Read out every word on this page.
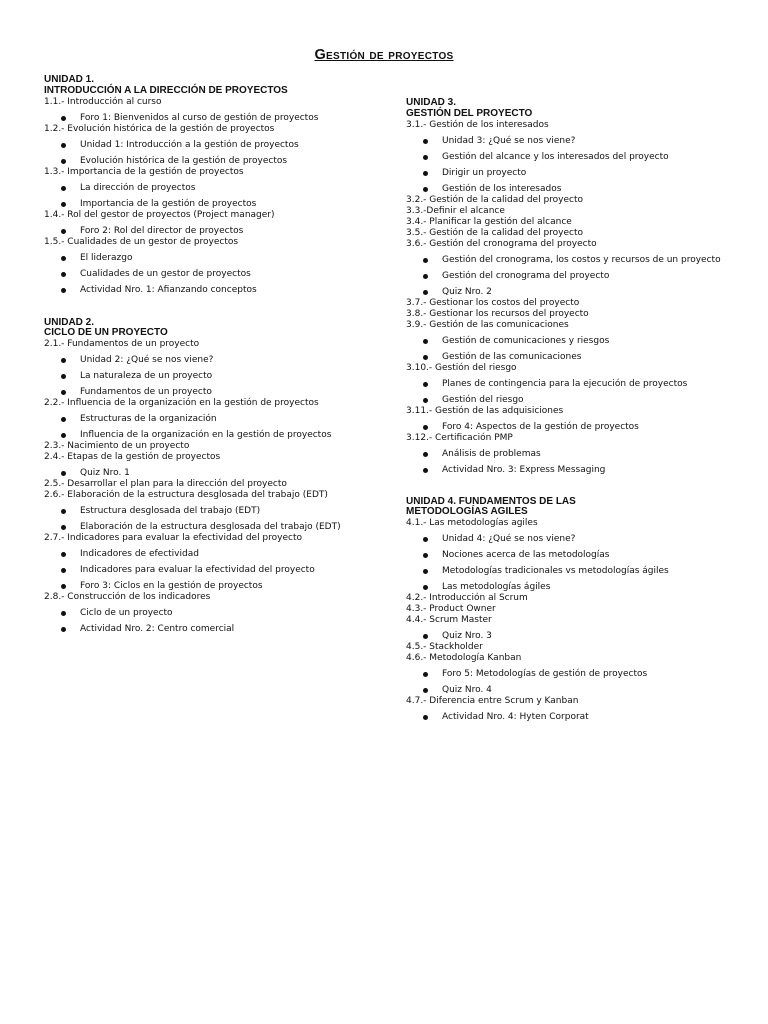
Gestión de proyectos
UNIDAD 1.
INTRODUCCIÓN A LA DIRECCIÓN DE PROYECTOS
1.1.- Introducción al curso
Foro 1: Bienvenidos al curso de gestión de proyectos
1.2.- Evolución histórica de la gestión de proyectos
Unidad 1: Introducción a la gestión de proyectos
Evolución histórica de la gestión de proyectos
1.3.- Importancia de la gestión de proyectos
La dirección de proyectos
Importancia de la gestión de proyectos
1.4.- Rol del gestor de proyectos (Project manager)
Foro 2: Rol del director de proyectos
1.5.- Cualidades de un gestor de proyectos
El liderazgo
Cualidades de un gestor de proyectos
Actividad Nro. 1: Afianzando conceptos
UNIDAD 2.
CICLO DE UN PROYECTO
2.1.- Fundamentos de un proyecto
Unidad 2: ¿Qué se nos viene?
La naturaleza de un proyecto
Fundamentos de un proyecto
2.2.- Influencia de la organización en la gestión de proyectos
Estructuras de la organización
Influencia de la organización en la gestión de proyectos
2.3.- Nacimiento de un proyecto
2.4.- Etapas de la gestión de proyectos
Quiz Nro. 1
2.5.- Desarrollar el plan para la dirección del proyecto
2.6.- Elaboración de la estructura desglosada del trabajo (EDT)
Estructura desglosada del trabajo (EDT)
Elaboración de la estructura desglosada del trabajo (EDT)
2.7.- Indicadores para evaluar la efectividad del proyecto
Indicadores de efectividad
Indicadores para evaluar la efectividad del proyecto
Foro 3: Ciclos en la gestión de proyectos
2.8.- Construcción de los indicadores
Ciclo de un proyecto
Actividad Nro. 2: Centro comercial
UNIDAD 3.
GESTIÓN DEL PROYECTO
3.1.- Gestión de los interesados
Unidad 3: ¿Qué se nos viene?
Gestión del alcance y los interesados del proyecto
Dirigir un proyecto
Gestión de los interesados
3.2.- Gestión de la calidad del proyecto
3.3.-Definir el alcance
3.4.- Planificar la gestión del alcance
3.5.- Gestión de la calidad del proyecto
3.6.- Gestión del cronograma del proyecto
Gestión del cronograma, los costos y recursos de un proyecto
Gestión del cronograma del proyecto
Quiz Nro. 2
3.7.- Gestionar los costos del proyecto
3.8.- Gestionar los recursos del proyecto
3.9.- Gestión de las comunicaciones
Gestión de comunicaciones y riesgos
Gestión de las comunicaciones
3.10.- Gestión del riesgo
Planes de contingencia para la ejecución de proyectos
Gestión del riesgo
3.11.- Gestión de las adquisiciones
Foro 4: Aspectos de la gestión de proyectos
3.12.- Certificación PMP
Análisis de problemas
Actividad Nro. 3: Express Messaging
UNIDAD 4. FUNDAMENTOS DE LAS
METODOLOGÍAS AGILES
4.1.- Las metodologías agiles
Unidad 4: ¿Qué se nos viene?
Nociones acerca de las metodologías
Metodologías tradicionales vs metodologías ágiles
Las metodologías ágiles
4.2.- Introducción al Scrum
4.3.- Product Owner
4.4.- Scrum Master
Quiz Nro. 3
4.5.- Stackholder
4.6.- Metodología Kanban
Foro 5: Metodologías de gestión de proyectos
Quiz Nro. 4
4.7.- Diferencia entre Scrum y Kanban
Actividad Nro. 4: Hyten Corporat
